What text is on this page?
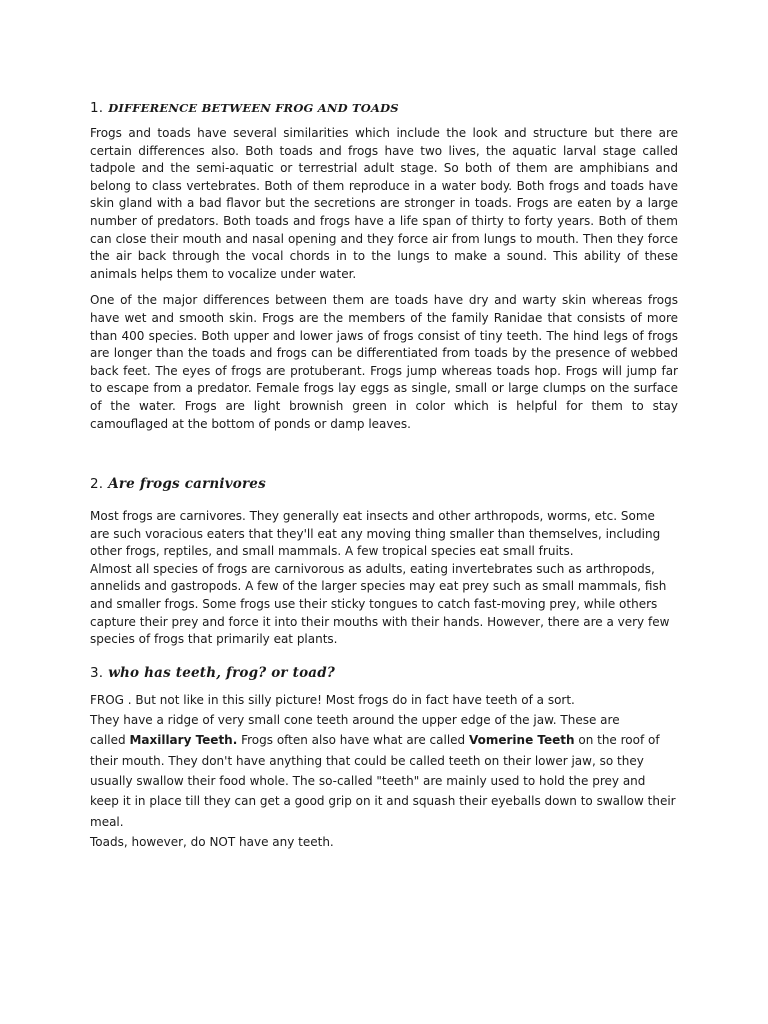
1. DIFFERENCE BETWEEN FROG AND TOADS

Frogs and toads have several similarities which include the look and structure but there are certain differences also. Both toads and frogs have two lives, the aquatic larval stage called tadpole and the semi-aquatic or terrestrial adult stage. So both of them are amphibians and belong to class vertebrates. Both of them reproduce in a water body. Both frogs and toads have skin gland with a bad flavor but the secretions are stronger in toads. Frogs are eaten by a large number of predators. Both toads and frogs have a life span of thirty to forty years. Both of them can close their mouth and nasal opening and they force air from lungs to mouth. Then they force the air back through the vocal chords in to the lungs to make a sound. This ability of these animals helps them to vocalize under water.

One of the major differences between them are toads have dry and warty skin whereas frogs have wet and smooth skin. Frogs are the members of the family Ranidae that consists of more than 400 species. Both upper and lower jaws of frogs consist of tiny teeth. The hind legs of frogs are longer than the toads and frogs can be differentiated from toads by the presence of webbed back feet. The eyes of frogs are protuberant. Frogs jump whereas toads hop. Frogs will jump far to escape from a predator. Female frogs lay eggs as single, small or large clumps on the surface of the water. Frogs are light brownish green in color which is helpful for them to stay camouflaged at the bottom of ponds or damp leaves.

2. Are frogs carnivores

Most frogs are carnivores. They generally eat insects and other arthropods, worms, etc. Some are such voracious eaters that they'll eat any moving thing smaller than themselves, including other frogs, reptiles, and small mammals. A few tropical species eat small fruits.

Almost all species of frogs are carnivorous as adults, eating invertebrates such as arthropods, annelids and gastropods. A few of the larger species may eat prey such as small mammals, fish and smaller frogs. Some frogs use their sticky tongues to catch fast-moving prey, while others capture their prey and force it into their mouths with their hands. However, there are a very few species of frogs that primarily eat plants.

3. who has teeth, frog? or toad?

FROG . But not like in this silly picture! Most frogs do in fact have teeth of a sort.

They have a ridge of very small cone teeth around the upper edge of the jaw. These are

called Maxillary Teeth. Frogs often also have what are called Vomerine Teeth on the roof of their mouth. They don't have anything that could be called teeth on their lower jaw, so they usually swallow their food whole. The so-called "teeth" are mainly used to hold the prey and keep it in place till they can get a good grip on it and squash their eyeballs down to swallow their meal.

Toads, however, do NOT have any teeth.
